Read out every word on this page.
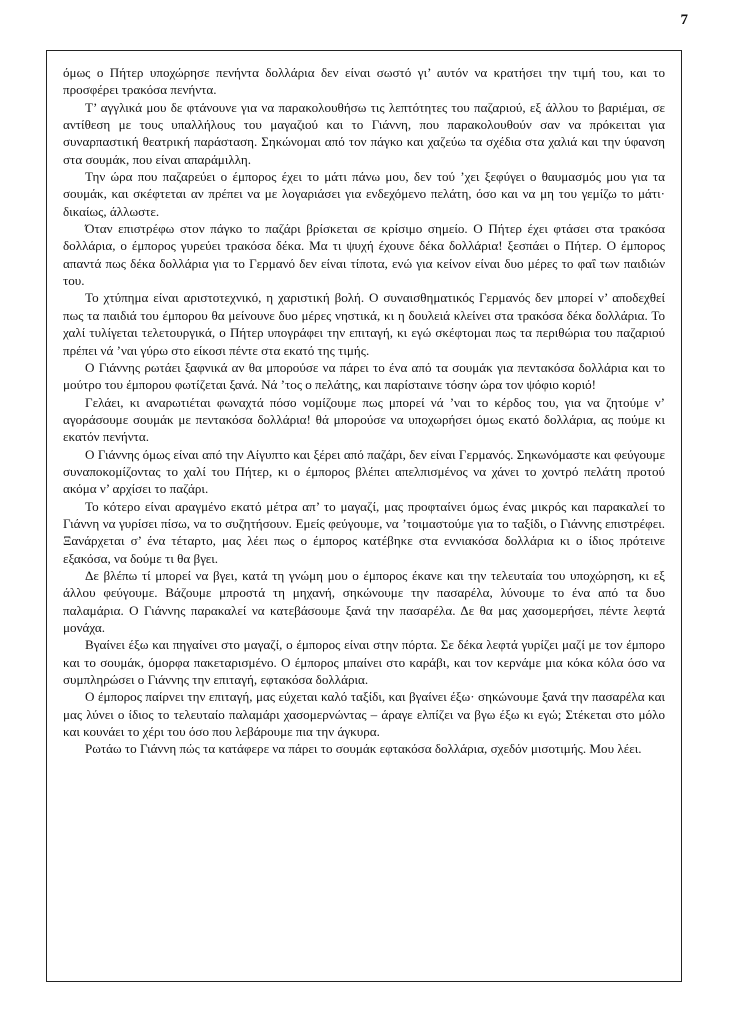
7

όμως ο Πήτερ υποχώρησε πενήντα δολλάρια δεν είναι σωστό γι’ αυτόν να κρατήσει την τιμή του, και το προσφέρει τρακόσα πενήντα.

Τ’ αγγλικά μου δε φτάνουνε για να παρακολουθήσω τις λεπτότητες του παζαριού, εξ άλλου το βαριέμαι, σε αντίθεση με τους υπαλλήλους του μαγαζιού και το Γιάννη, που παρακολουθούν σαν να πρόκειται για συναρπαστική θεατρική παράσταση. Σηκώνομαι από τον πάγκο και χαζεύω τα σχέδια στα χαλιά και την ύφανση στα σουμάκ, που είναι απαράμιλλη.

Την ώρα που παζαρεύει ο έμπορος έχει το μάτι πάνω μου, δεν τού ’χει ξεφύγει ο θαυμασμός μου για τα σουμάκ, και σκέφτεται αν πρέπει να με λογαριάσει για ενδεχόμενο πελάτη, όσο και να μη του γεμίζω το μάτι· δικαίως, άλλωστε.

Όταν επιστρέφω στον πάγκο το παζάρι βρίσκεται σε κρίσιμο σημείο. Ο Πήτερ έχει φτάσει στα τρακόσα δολλάρια, ο έμπορος γυρεύει τρακόσα δέκα. Μα τι ψυχή έχουνε δέκα δολλάρια! ξεσπάει ο Πήτερ. Ο έμπορος απαντά πως δέκα δολλάρια για το Γερμανό δεν είναι τίποτα, ενώ για κείνον είναι δυο μέρες το φαΐ των παιδιών του.

Το χτύπημα είναι αριστοτεχνικό, η χαριστική βολή. Ο συναισθηματικός Γερμανός δεν μπορεί ν’ αποδεχθεί πως τα παιδιά του έμπορου θα μείνουνε δυο μέρες νηστικά, κι η δουλειά κλείνει στα τρακόσα δέκα δολλάρια. Το χαλί τυλίγεται τελετουργικά, ο Πήτερ υπογράφει την επιταγή, κι εγώ σκέφτομαι πως τα περιθώρια του παζαριού πρέπει νά ’ναι γύρω στο είκοσι πέντε στα εκατό της τιμής.

Ο Γιάννης ρωτάει ξαφνικά αν θα μπορούσε να πάρει το ένα από τα σουμάκ για πεντακόσα δολλάρια και το μούτρο του έμπορου φωτίζεται ξανά. Νά ’τος ο πελάτης, και παρίσταινε τόσην ώρα τον ψόφιο κοριό!

Γελάει, κι αναρωτιέται φωναχτά πόσο νομίζουμε πως μπορεί νά ’ναι το κέρδος του, για να ζητούμε ν’ αγοράσουμε σουμάκ με πεντακόσα δολλάρια! θά μπορούσε να υποχωρήσει όμως εκατό δολλάρια, ας πούμε κι εκατόν πενήντα.

Ο Γιάννης όμως είναι από την Αίγυπτο και ξέρει από παζάρι, δεν είναι Γερμανός. Σηκωνόμαστε και φεύγουμε συναποκομίζοντας το χαλί του Πήτερ, κι ο έμπορος βλέπει απελπισμένος να χάνει το χοντρό πελάτη προτού ακόμα ν’ αρχίσει το παζάρι.

Το κότερο είναι αραγμένο εκατό μέτρα απ’ το μαγαζί, μας προφταίνει όμως ένας μικρός και παρακαλεί το Γιάννη να γυρίσει πίσω, να το συζητήσουν. Εμείς φεύγουμε, να ’τοιμαστούμε για το ταξίδι, ο Γιάννης επιστρέφει. Ξανάρχεται σ’ ένα τέταρτο, μας λέει πως ο έμπορος κατέβηκε στα εννιακόσα δολλάρια κι ο ίδιος πρότεινε εξακόσα, να δούμε τι θα βγει.

Δε βλέπω τί μπορεί να βγει, κατά τη γνώμη μου ο έμπορος έκανε και την τελευταία του υποχώρηση, κι εξ άλλου φεύγουμε. Βάζουμε μπροστά τη μηχανή, σηκώνουμε την πασαρέλα, λύνουμε το ένα από τα δυο παλαμάρια. Ο Γιάννης παρακαλεί να κατεβάσουμε ξανά την πασαρέλα. Δε θα μας χασομερήσει, πέντε λεφτά μονάχα.

Βγαίνει έξω και πηγαίνει στο μαγαζί, ο έμπορος είναι στην πόρτα. Σε δέκα λεφτά γυρίζει μαζί με τον έμπορο και το σουμάκ, όμορφα πακεταρισμένο. Ο έμπορος μπαίνει στο καράβι, και τον κερνάμε μια κόκα κόλα όσο να συμπληρώσει ο Γιάννης την επιταγή, εφτακόσα δολλάρια.

Ο έμπορος παίρνει την επιταγή, μας εύχεται καλό ταξίδι, και βγαίνει έξω· σηκώνουμε ξανά την πασαρέλα και μας λύνει ο ίδιος το τελευταίο παλαμάρι χασομερνώντας – άραγε ελπίζει να βγω έξω κι εγώ; Στέκεται στο μόλο και κουνάει το χέρι του όσο που λεβάρουμε πια την άγκυρα.

Ρωτάω το Γιάννη πώς τα κατάφερε να πάρει το σουμάκ εφτακόσα δολλάρια, σχεδόν μισοτιμής. Μου λέει.
